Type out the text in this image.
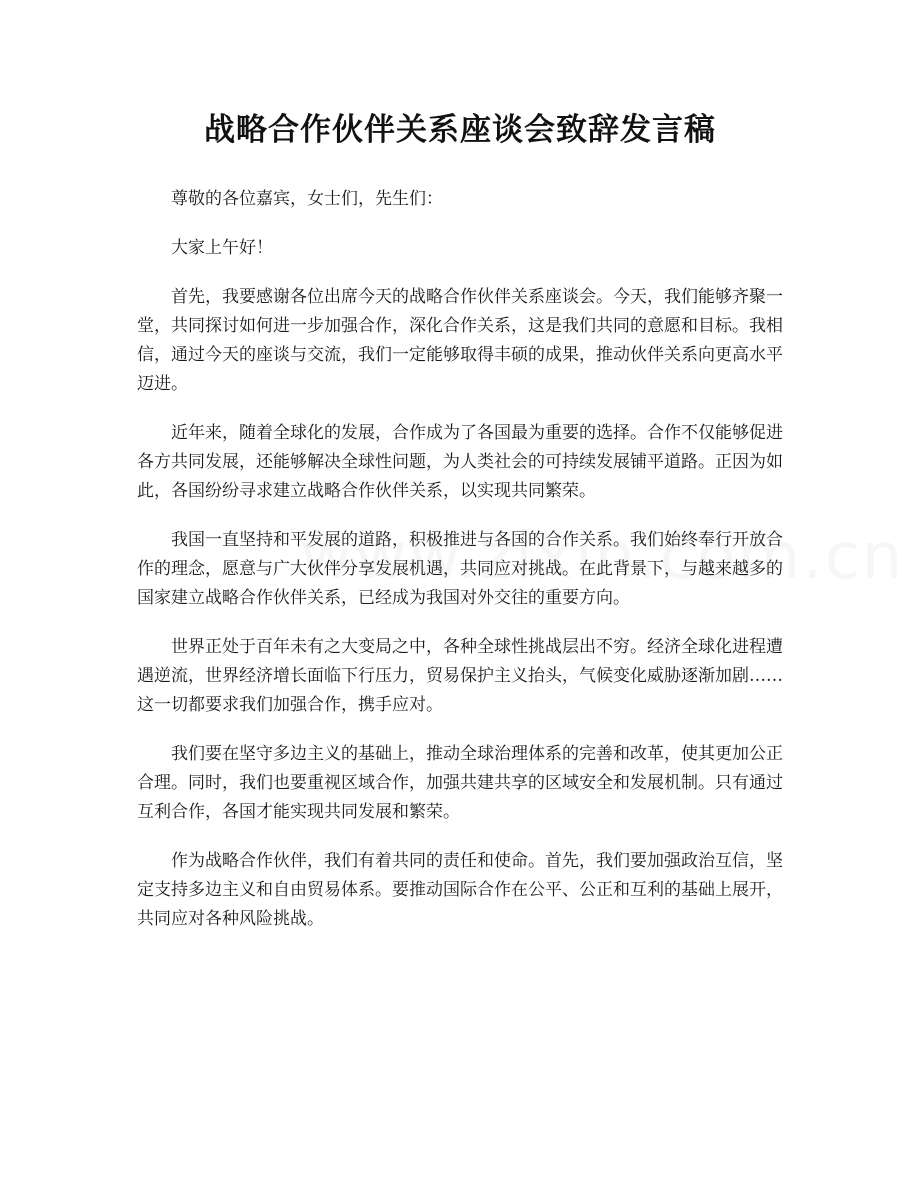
战略合作伙伴关系座谈会致辞发言稿

尊敬的各位嘉宾，女士们，先生们：

大家上午好！

首先，我要感谢各位出席今天的战略合作伙伴关系座谈会。今天，我们能够齐聚一堂，共同探讨如何进一步加强合作，深化合作关系，这是我们共同的意愿和目标。我相信，通过今天的座谈与交流，我们一定能够取得丰硕的成果，推动伙伴关系向更高水平迈进。

近年来，随着全球化的发展，合作成为了各国最为重要的选择。合作不仅能够促进各方共同发展，还能够解决全球性问题，为人类社会的可持续发展铺平道路。正因为如此，各国纷纷寻求建立战略合作伙伴关系，以实现共同繁荣。

我国一直坚持和平发展的道路，积极推进与各国的合作关系。我们始终奉行开放合作的理念，愿意与广大伙伴分享发展机遇，共同应对挑战。在此背景下，与越来越多的国家建立战略合作伙伴关系，已经成为我国对外交往的重要方向。

世界正处于百年未有之大变局之中，各种全球性挑战层出不穷。经济全球化进程遭遇逆流，世界经济增长面临下行压力，贸易保护主义抬头，气候变化威胁逐渐加剧……这一切都要求我们加强合作，携手应对。

我们要在坚守多边主义的基础上，推动全球治理体系的完善和改革，使其更加公正合理。同时，我们也要重视区域合作，加强共建共享的区域安全和发展机制。只有通过互利合作，各国才能实现共同发展和繁荣。

作为战略合作伙伴，我们有着共同的责任和使命。首先，我们要加强政治互信，坚定支持多边主义和自由贸易体系。要推动国际合作在公平、公正和互利的基础上展开，共同应对各种风险挑战。
